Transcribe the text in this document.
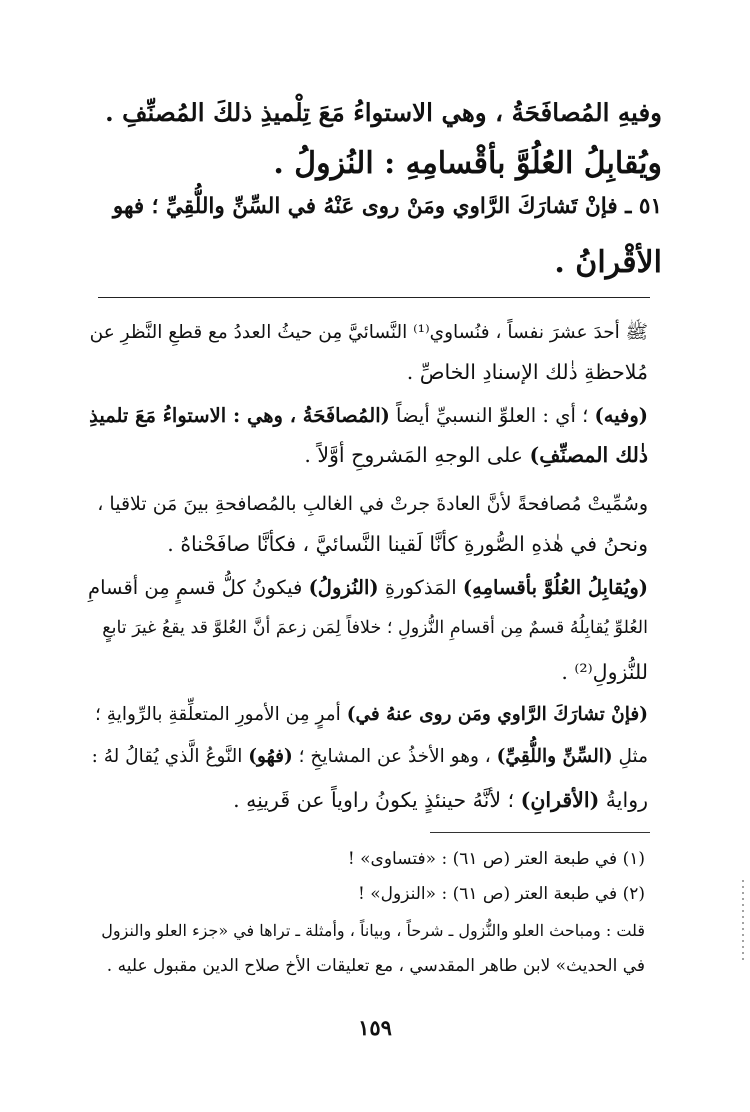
وفيهِ المُصافَحَةُ ، وهي الاستواءُ مَعَ تِلْميذِ ذلكَ المُصنِّفِ .
ويُقابِلُ العُلُوَّ بأقْسامِهِ : النُزولُ .
٥١ ـ فإنْ تَشارَكَ الرَّاوي ومَنْ روى عَنْهُ في السِّنِّ واللُّقِيِّ ؛ فهو
الأقْرانُ .
ﷺ أحدَ عشرَ نفساً ، فنُساوي⁽¹⁾ النَّسائيَّ مِن حيثُ العددُ مع قطعِ النَّظرِ عن
مُلاحظةِ ذٰلك الإسنادِ الخاصِّ .
(وفيه) ؛ أي : العلوِّ النسبيِّ أيضاً (المُصافَحَةُ ، وهي : الاستواءُ مَعَ تلميذِ
ذٰلك المصنِّفِ) على الوجهِ المَشروحِ أوَّلاً .
وسُمِّيتْ مُصافحةً لأنَّ العادةَ جرتْ في الغالبِ بالمُصافحةِ بينَ مَن تلاقيا ،
ونحنُ في هٰذهِ الصُّورةِ كأنَّا لَقينا النَّسائيَّ ، فكأنَّا صافَحْناهُ .
(ويُقابِلُ العُلُوَّ بأقسامِهِ) المَذكورةِ (النُزولُ) فيكونُ كلُّ قسمٍ مِن أقسامِ
العُلوِّ يُقابِلُهُ قسمٌ مِن أقسامِ النُّزولِ ؛ خلافاً لِمَن زعمَ أنَّ العُلوَّ قد يقعُ غيرَ تابعٍ
للنُّزولِ⁽²⁾ .
(فإنْ تشارَكَ الرَّاوي ومَن روى عنهُ في) أمرٍ مِن الأمورِ المتعلِّقةِ بالرِّوايةِ ؛
مثلِ (السِّنِّ واللُّقِيِّ) ، وهو الأخذُ عن المشايخِ ؛ (فهُو) النَّوعُ الَّذي يُقالُ لهُ :
روايةُ (الأقرانِ) ؛ لأنَّهُ حينئذٍ يكونُ راوياً عن قَرينِهِ .
(١) في طبعة العتر (ص ٦١) : «فتساوى» !
(٢) في طبعة العتر (ص ٦١) : «النزول» !
قلت : ومباحث العلو والنُّزول ـ شرحاً ، وبياناً ، وأمثلة ـ تراها في «جزء العلو والنزول
في الحديث» لابن طاهر المقدسي ، مع تعليقات الأخ صلاح الدين مقبول عليه .
١٥٩
